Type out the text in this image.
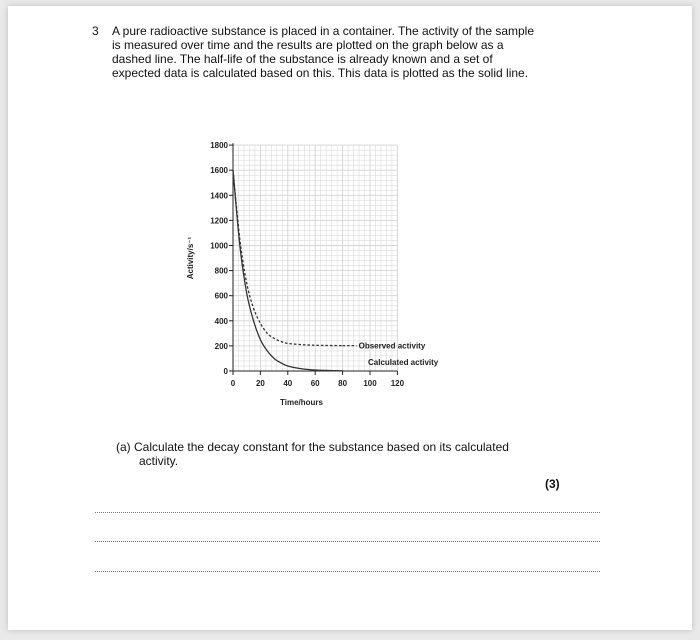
3 A pure radioactive substance is placed in a container. The activity of the sample
is measured over time and the results are plotted on the graph below as a
dashed line. The half-life of the substance is already known and a set of
expected data is calculated based on this. This data is plotted as the solid line.
0
200
400
600
800
1000
1200
1400
1600
1800
0	20 40 60 80 100 120
Time/hours
Activity/s⁻¹
Observed activity
Calculated activity
(a) Calculate the decay constant for the substance based on its calculated
activity.
(3)
